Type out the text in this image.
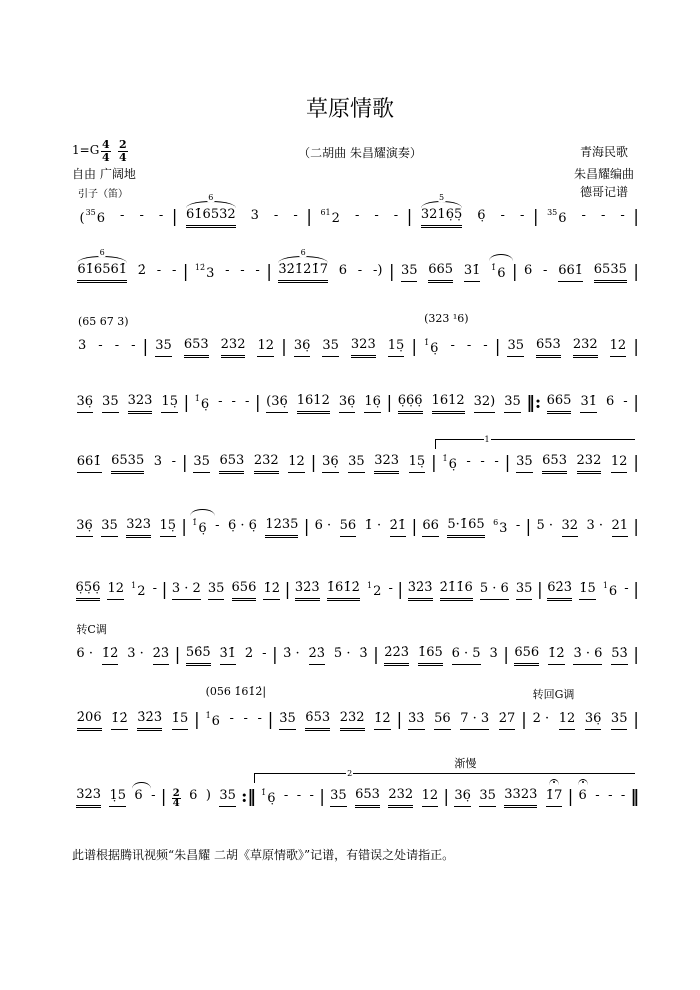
草原情歌
$1=G \frac{4}{4} \frac{2}{4}$	（二胡曲 朱昌耀演奏）
自由 广阔地
引子（笛）
青海民歌
朱昌耀编曲
德哥记谱
此谱根据腾讯视频“朱昌耀 二胡《草原情歌》”记谱，有错误之处请指正。
($^{35}$6 - - - | 61̇6532
6
3 - - | $^{61}$2 - - - | 3216̣5̣
5
6̣ - - | $^{35}$6 - - - |
61̇6561̇
6
2̇ - - | $^{12̇}$3 - - - | 3̇2̇1̇2̇1̇7
6
6 - -) | 35 665 31̇ $^{1̇}$6 | 6 - 661̇ 6535 |
3
(65 67 3)
- - - | 35 653 232 12 | 36̣ 35 323 15̣ | $^{1̇}$6̣
(323 ¹6)
- - - | 35 653 232 12 |
36̣ 35 323 15̣ | $^{1̇}$6̣ - - - | (36̣ 1612 36̣ 16̣ | 6̣6̣6̣ 1612 32) 35 ‖: 665 31̇ 6 - |
661̇ 6535 3 - | 35 653 232 12 | 36̣ 35 323 15̣ | $^{1̇}$6̣ - - - | 35 653 232 12 |
1
36̣ 35 323 15̣ | $^{1̇}$6̣ - 6̣ · 6̣ 1235 | 6 · 56 1̇ · 2̇1̇ | 66 5·1̇65 $^6$3 - | 5 · 32 3 · 21 |
6̣5̣6̣ 12 $^1$2 - | 3 · 2 35 656 1̇2̇ | 3̇2̇3̇ 1̇61̇2̇ $^1$2 - | 3̇2̇3̇ 2̇1̇1̇6 5 · 6 35 | 62̇3̇ 1̇5 $^1$6 - |
6 ·
转C调
1̇2̇ 3 · 2̇3̇ | 5̇6̇5̇ 3̇1̇ 2̇ - | 3̇ · 2̇3̇ 5̇ · 3̇ | 2̇2̇3̇ 1̇65 6 · 5 3 | 656 1̇2̇ 3̇ · 6 5̇3̇ |
2̇06 1̇2̇ 3̇2̇3̇ 1̇5 | $^{1̇}$6
(056 1̇61̇2̇|
- - - | 3̇5 6̇53 232 1̇2̇ | 3̇3̇ 56 7 · 3 2̇7 | 2 ·
转回G调
12 36̣ 35 |
323 1̣5 6 - | $\frac{2}{4} 6$ ) 35 :‖ $^{1̇}$6̣ - - - | 35 653 232 12 | 36̣
渐慢
35 3323 1̇7 | 6 - - - ‖
2
